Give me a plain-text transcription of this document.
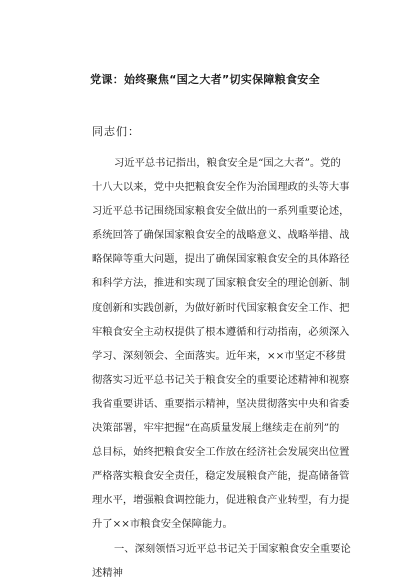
党课：始终聚焦“国之大者”切实保障粮食安全
同志们：
习近平总书记指出，粮食安全是“国之大者”。党的
十八大以来，党中央把粮食安全作为治国理政的头等大事
习近平总书记围绕国家粮食安全做出的一系列重要论述，
系统回答了确保国家粮食安全的战略意义、战略举措、战
略保障等重大问题，提出了确保国家粮食安全的具体路径
和科学方法，推进和实现了国家粮食安全的理论创新、制
度创新和实践创新，为做好新时代国家粮食安全工作、把
牢粮食安全主动权提供了根本遵循和行动指南，必须深入
学习、深刻领会、全面落实。近年来，××市坚定不移贯
彻落实习近平总书记关于粮食安全的重要论述精神和视察
我省重要讲话、重要指示精神，坚决贯彻落实中央和省委
决策部署，牢牢把握“在高质量发展上继续走在前列”的
总目标，始终把粮食安全工作放在经济社会发展突出位置
严格落实粮食安全责任，稳定发展粮食产能，提高储备管
理水平，增强粮食调控能力，促进粮食产业转型，有力提
升了××市粮食安全保障能力。
一、深刻领悟习近平总书记关于国家粮食安全重要论
述精神
